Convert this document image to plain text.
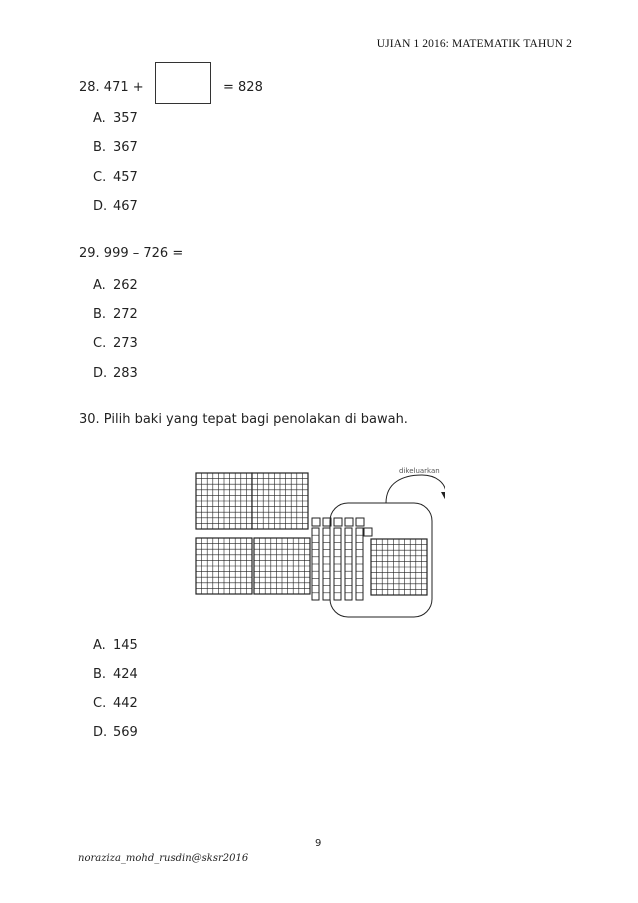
UJIAN 1 2016: MATEMATIK TAHUN 2
28. 471 +	= 828
A. 357
B. 367
C. 457
D. 467
29. 999 – 726 =
A. 262
B. 272
C. 273
D. 283
30. Pilih baki yang tepat bagi penolakan di bawah.
dikeluarkan
A. 145
B. 424
C. 442
D. 569
9
noraziza_mohd_rusdin@sksr2016
